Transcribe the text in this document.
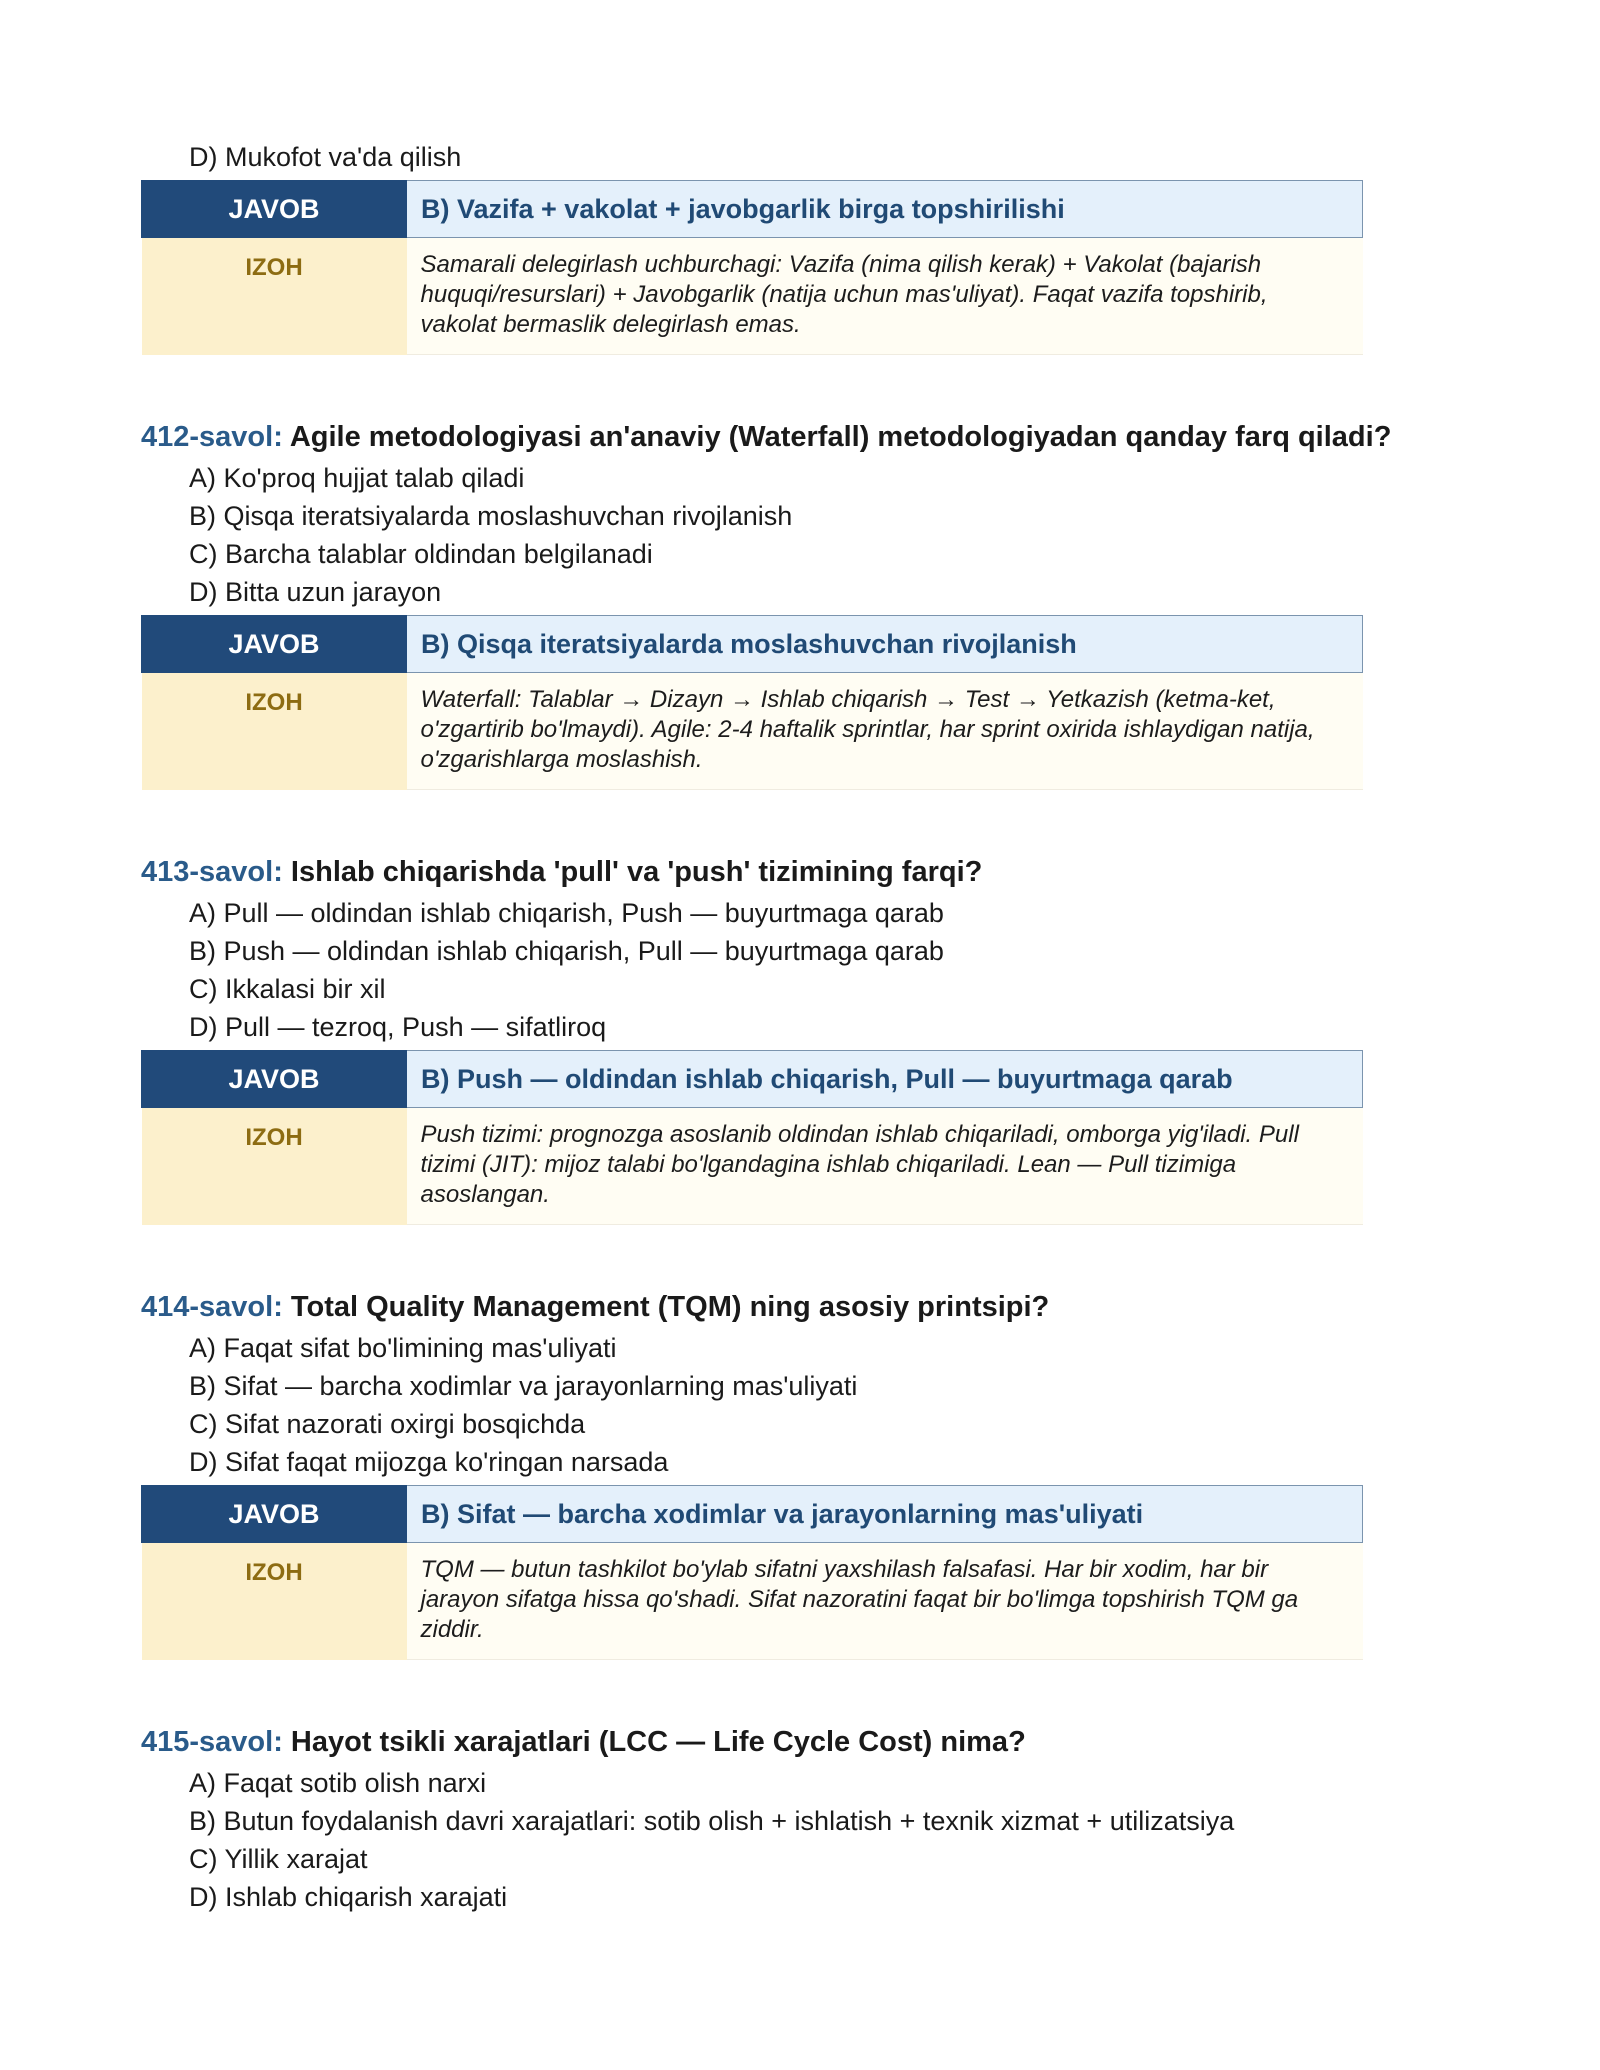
D) Mukofot va'da qilish
JAVOB	B) Vazifa + vakolat + javobgarlik birga topshirilishi
IZOH	Samarali delegirlash uchburchagi: Vazifa (nima qilish kerak) + Vakolat (bajarish huquqi/resurslari) + Javobgarlik (natija uchun mas'uliyat). Faqat vazifa topshirib, vakolat bermaslik delegirlash emas.
412-savol: Agile metodologiyasi an'anaviy (Waterfall) metodologiyadan qanday farq qiladi?
A) Ko'proq hujjat talab qiladi
B) Qisqa iteratsiyalarda moslashuvchan rivojlanish
C) Barcha talablar oldindan belgilanadi
D) Bitta uzun jarayon
JAVOB	B) Qisqa iteratsiyalarda moslashuvchan rivojlanish
IZOH	Waterfall: Talablar → Dizayn → Ishlab chiqarish → Test → Yetkazish (ketma-ket, o'zgartirib bo'lmaydi). Agile: 2-4 haftalik sprintlar, har sprint oxirida ishlaydigan natija, o'zgarishlarga moslashish.
413-savol: Ishlab chiqarishda 'pull' va 'push' tizimining farqi?
A) Pull — oldindan ishlab chiqarish, Push — buyurtmaga qarab
B) Push — oldindan ishlab chiqarish, Pull — buyurtmaga qarab
C) Ikkalasi bir xil
D) Pull — tezroq, Push — sifatliroq
JAVOB	B) Push — oldindan ishlab chiqarish, Pull — buyurtmaga qarab
IZOH	Push tizimi: prognozga asoslanib oldindan ishlab chiqariladi, omborga yig'iladi. Pull tizimi (JIT): mijoz talabi bo'lgandagina ishlab chiqariladi. Lean — Pull tizimiga asoslangan.
414-savol: Total Quality Management (TQM) ning asosiy printsipi?
A) Faqat sifat bo'limining mas'uliyati
B) Sifat — barcha xodimlar va jarayonlarning mas'uliyati
C) Sifat nazorati oxirgi bosqichda
D) Sifat faqat mijozga ko'ringan narsada
JAVOB	B) Sifat — barcha xodimlar va jarayonlarning mas'uliyati
IZOH	TQM — butun tashkilot bo'ylab sifatni yaxshilash falsafasi. Har bir xodim, har bir jarayon sifatga hissa qo'shadi. Sifat nazoratini faqat bir bo'limga topshirish TQM ga ziddir.
415-savol: Hayot tsikli xarajatlari (LCC — Life Cycle Cost) nima?
A) Faqat sotib olish narxi
B) Butun foydalanish davri xarajatlari: sotib olish + ishlatish + texnik xizmat + utilizatsiya
C) Yillik xarajat
D) Ishlab chiqarish xarajati
